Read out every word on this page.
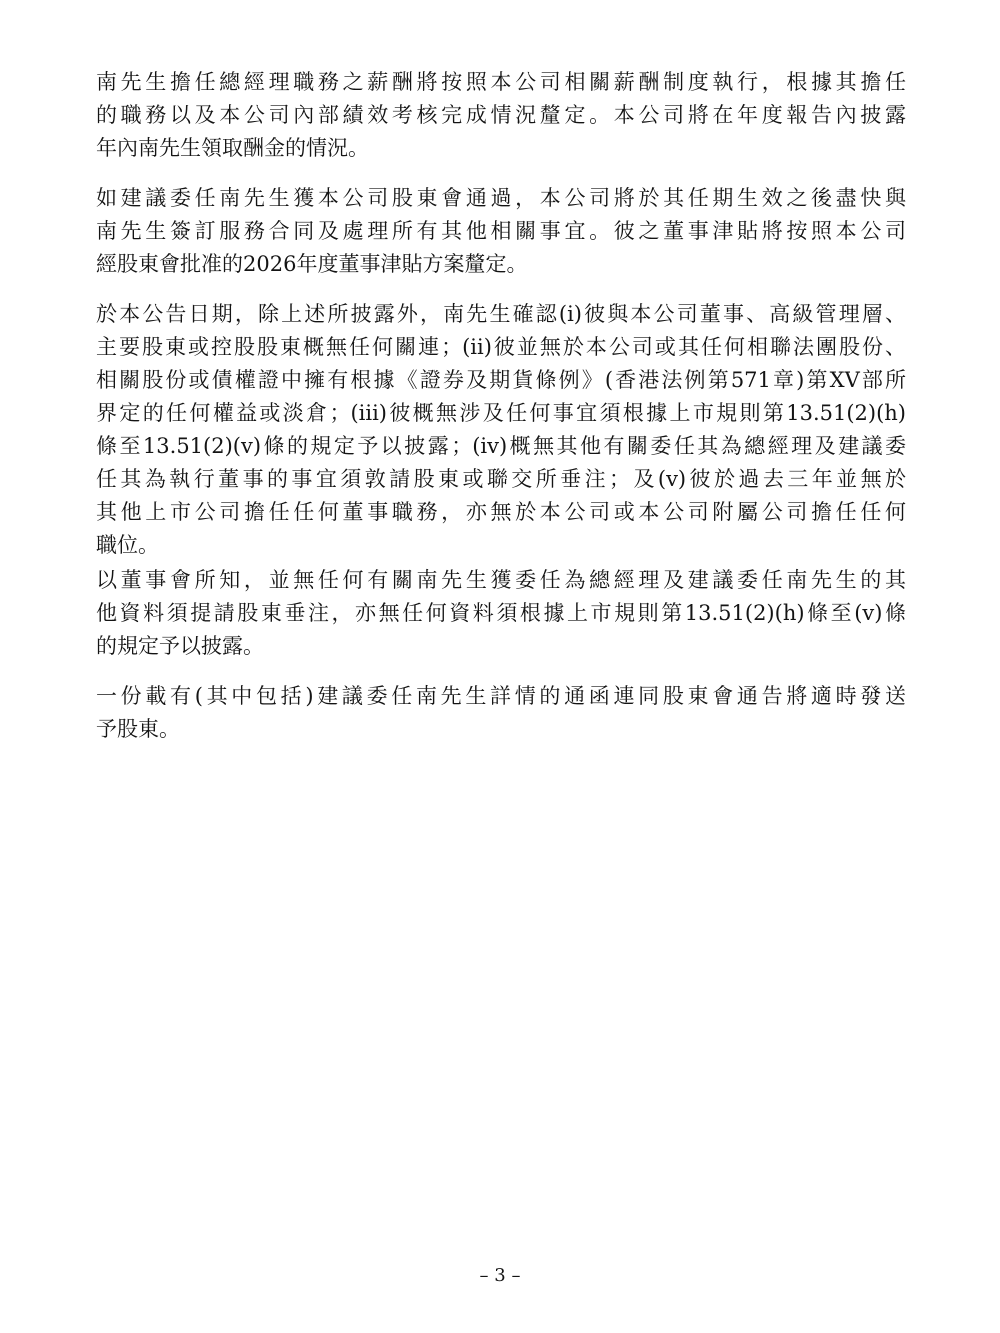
南先生擔任總經理職務之薪酬將按照本公司相關薪酬制度執行，根據其擔任
的職務以及本公司內部績效考核完成情況釐定。本公司將在年度報告內披露
年內南先生領取酬金的情況。

如建議委任南先生獲本公司股東會通過，本公司將於其任期生效之後盡快與
南先生簽訂服務合同及處理所有其他相關事宜。彼之董事津貼將按照本公司
經股東會批准的2026年度董事津貼方案釐定。

於本公告日期，除上述所披露外，南先生確認(i)彼與本公司董事、高級管理層、
主要股東或控股股東概無任何關連；(ii)彼並無於本公司或其任何相聯法團股份、
相關股份或債權證中擁有根據《證券及期貨條例》(香港法例第571章)第XV部所
界定的任何權益或淡倉；(iii)彼概無涉及任何事宜須根據上市規則第13.51(2)(h)
條至13.51(2)(v)條的規定予以披露；(iv)概無其他有關委任其為總經理及建議委
任其為執行董事的事宜須敦請股東或聯交所垂注；及(v)彼於過去三年並無於
其他上市公司擔任任何董事職務，亦無於本公司或本公司附屬公司擔任任何
職位。

以董事會所知，並無任何有關南先生獲委任為總經理及建議委任南先生的其
他資料須提請股東垂注，亦無任何資料須根據上市規則第13.51(2)(h)條至(v)條
的規定予以披露。

一份載有(其中包括)建議委任南先生詳情的通函連同股東會通告將適時發送
予股東。

– 3 –
